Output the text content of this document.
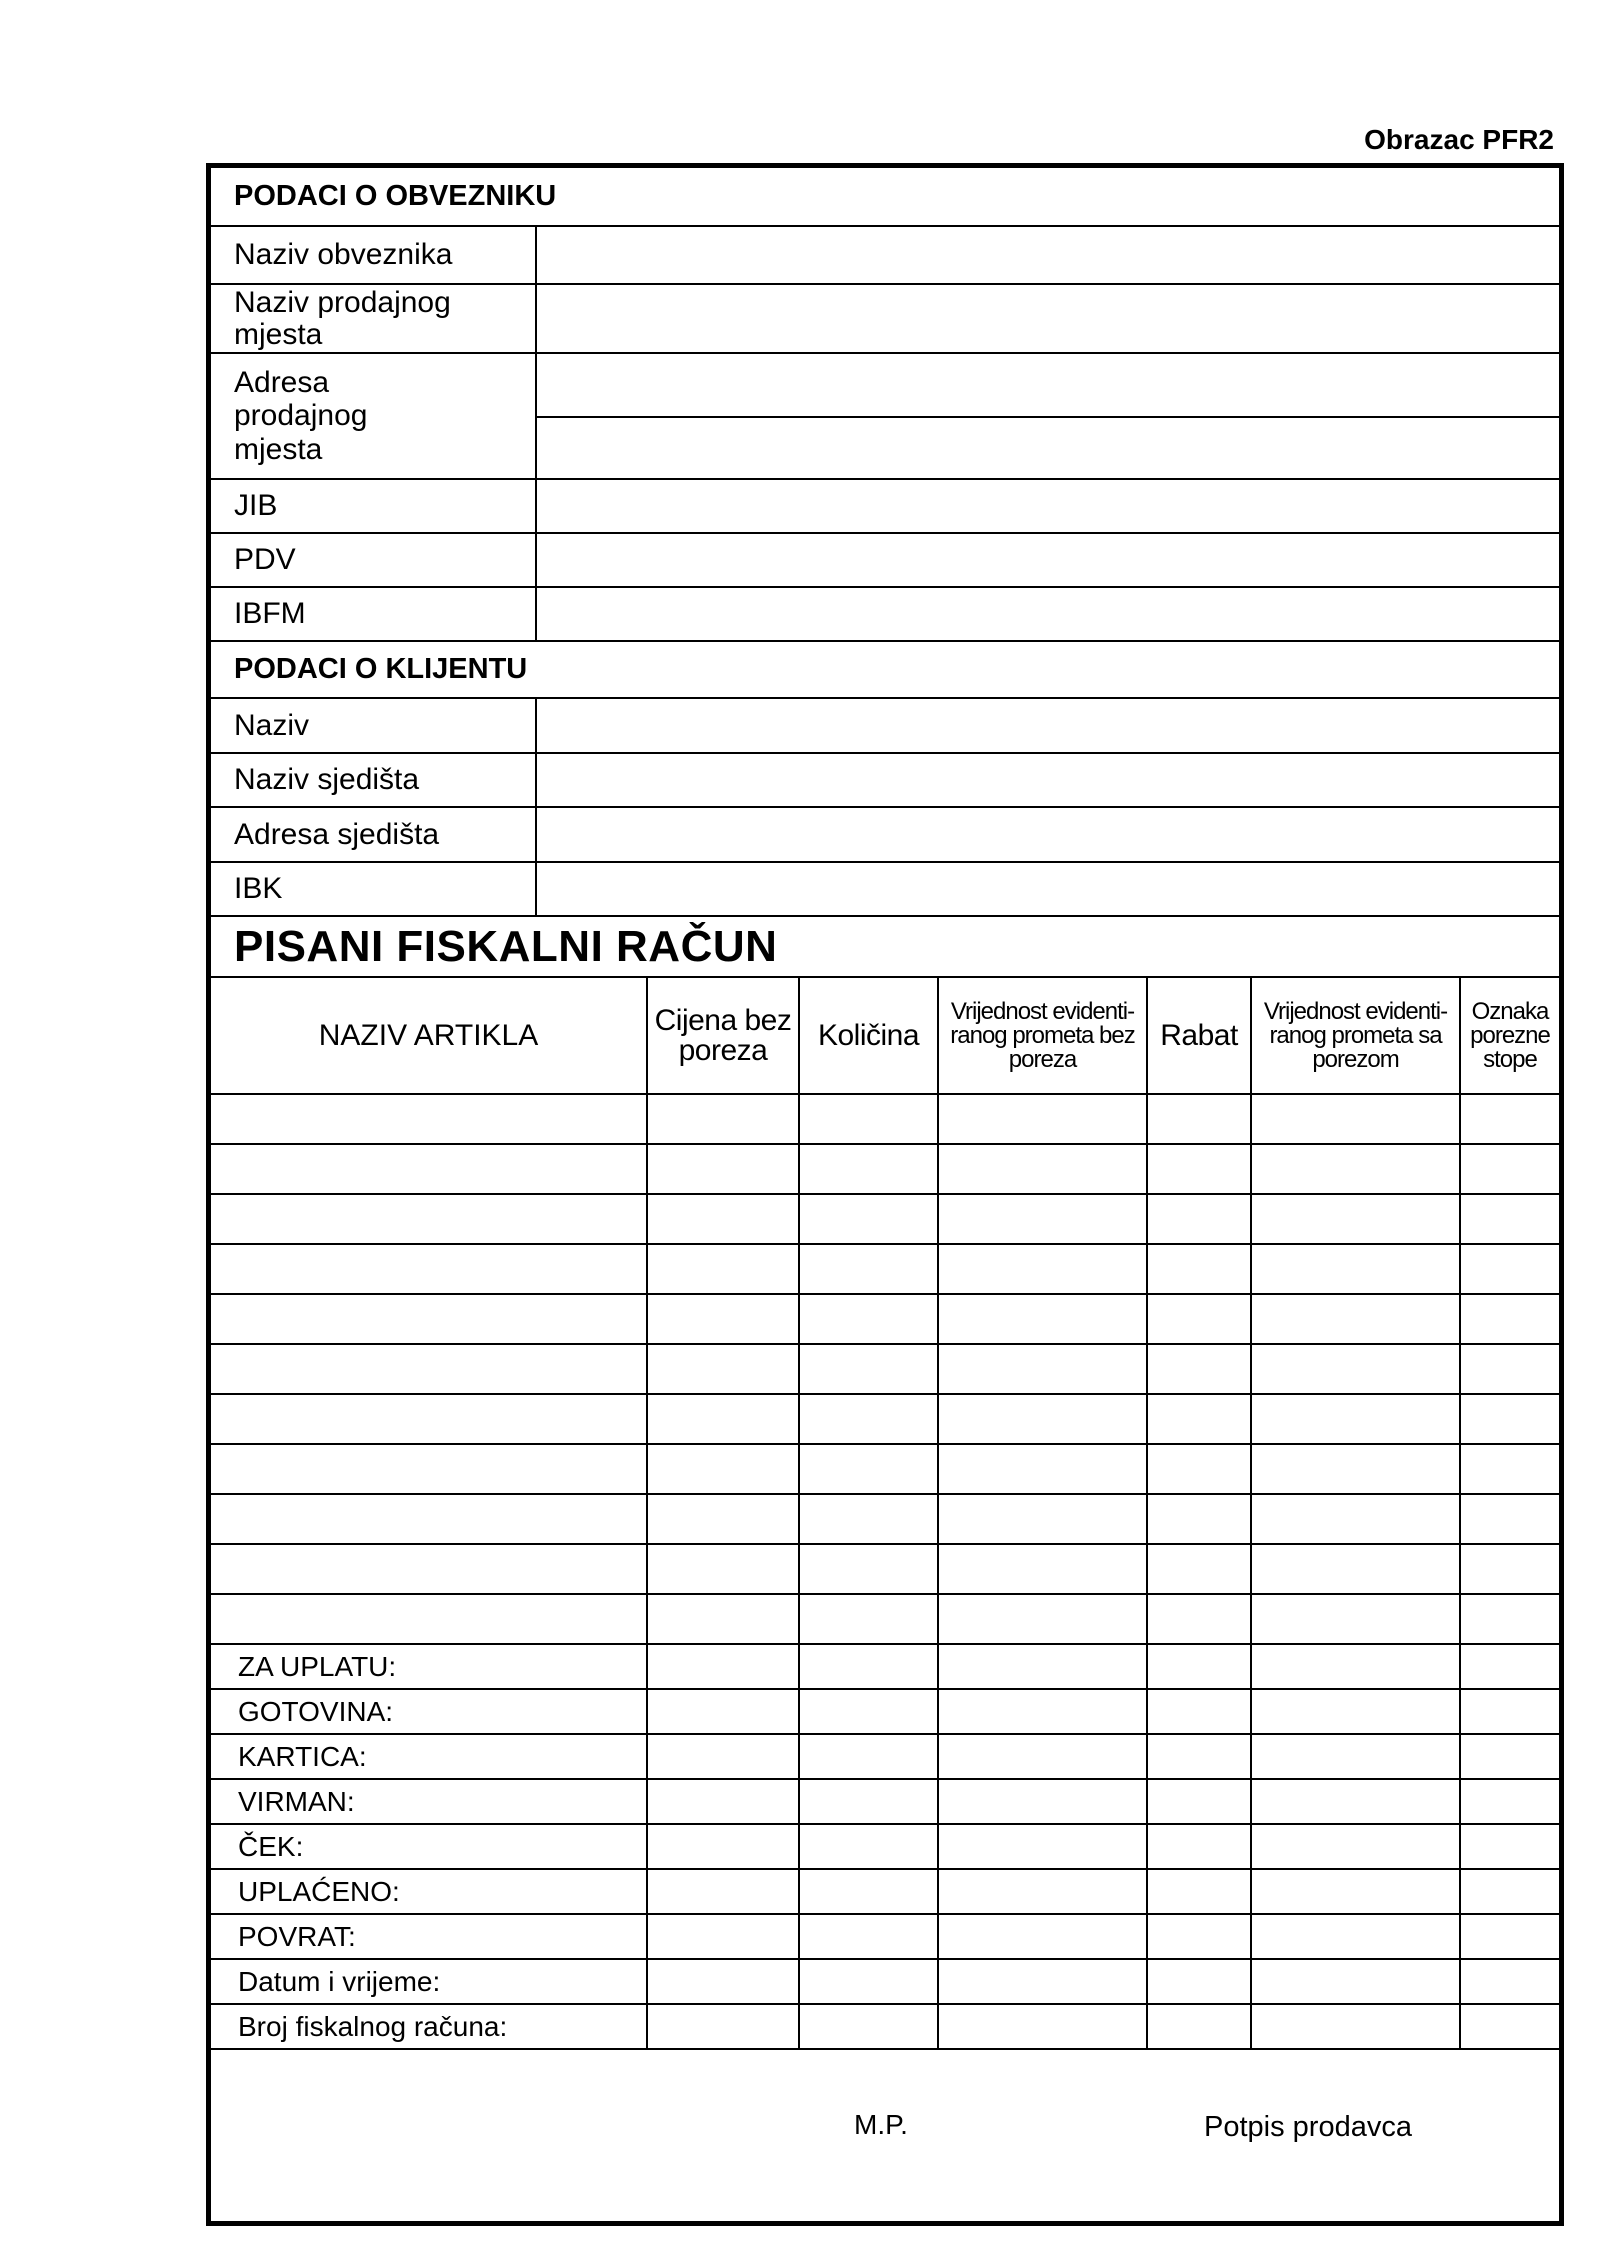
Obrazac PFR2
PODACI O OBVEZNIKU
Naziv obveznika
Naziv prodajnog mjesta
Adresa prodajnog mjesta
JIB
PDV
IBFM
PODACI O KLIJENTU
Naziv
Naziv sjedišta
Adresa sjedišta
IBK
PISANI FISKALNI RAČUN
NAZIV ARTIKLA	Cijena bez poreza	Količina	Vrijednost evidenti-ranog prometa bez poreza	Rabat	Vrijednost evidenti-ranog prometa sa porezom	Oznaka porezne stope

ZA UPLATU:						
GOTOVINA:						
KARTICA:						
VIRMAN:						
ČEK:						
UPLAĆENO:						
POVRAT:						
Datum i vrijeme:						
Broj fiskalnog računa:						
M.P.	Potpis prodavca
